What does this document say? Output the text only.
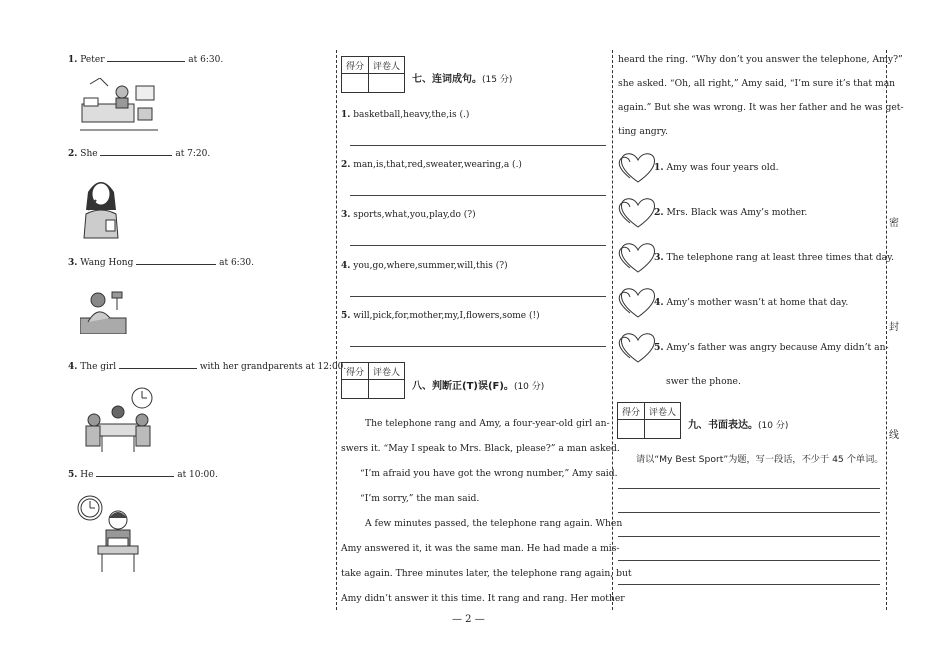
1. Peter	at 6:30.
2. She	at 7:20.
3. Wang Hong	at 6:30.
4. The girl	with her grandparents at 12:00.
5. He	at 10:00.
得分	评卷人

七、连词成句。(15 分)
1. basketball,heavy,the,is (.)
2. man,is,that,red,sweater,wearing,a (.)
3. sports,what,you,play,do (?)
4. you,go,where,summer,will,this (?)
5. will,pick,for,mother,my,I,flowers,some (!)
得分	评卷人

八、判断正(T)误(F)。(10 分)
The telephone rang and Amy, a four-year-old girl an-
swers it. “May I speak to Mrs. Black, please?” a man asked.
“I’m afraid you have got the wrong number,” Amy said.
“I’m sorry,” the man said.
A few minutes passed, the telephone rang again. When
Amy answered it, it was the same man. He had made a mis-
take again. Three minutes later, the telephone rang again, but
Amy didn’t answer it this time. It rang and rang. Her mother
heard the ring. “Why don’t you answer the telephone, Amy?”
she asked. “Oh, all right,” Amy said, “I’m sure it’s that man
again.” But she was wrong. It was her father and he was get-
ting angry.
1. Amy was four years old.
2. Mrs. Black was Amy’s mother.
3. The telephone rang at least three times that day.
4. Amy’s mother wasn’t at home that day.
5. Amy’s father was angry because Amy didn’t an-
swer the phone.
得分	评卷人

九、书面表达。(10 分)
请以“My Best Sport”为题，写一段话，不少于 45 个单词。
密
封
线
— 2 —
